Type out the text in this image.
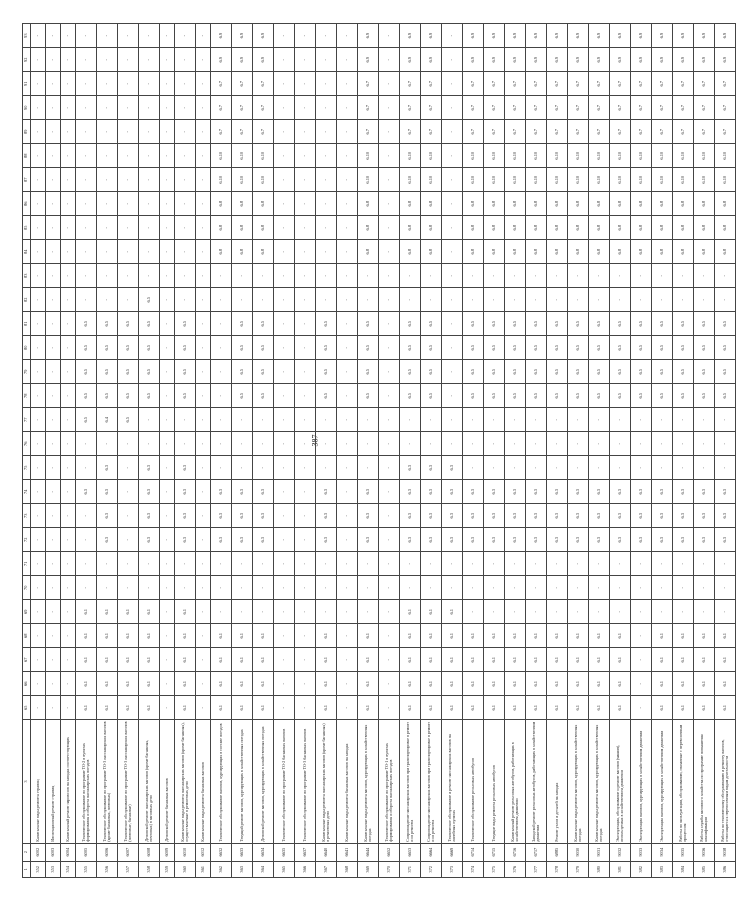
387
1	2	3	65	66	67	68	69	70	71	72	73	74	75	76	77	78	79	80	81	82	83	84	85	86	87	88	89	90	91	92	93
352	6002	Капитальные виды ремонта страниц	-	-	-	-	-	-	-	-	-	-	-	-	-	-	-	-	-	-	-	-	-	-	-	-	-	-	-	-	-
353	6003	Инспекционный ремонт страниц	-	-	-	-	-	-	-	-	-	-	-	-	-	-	-	-	-	-	-	-	-	-	-	-	-	-	-	-	-
354	6004	Капитальный ремонт паровозов на заводах соответствующих	-	-	-	-	-	-	-	-	-	-	-	-	-	-	-	-	-	-	-	-	-	-	-	-	-	-	-	-	-
355	6005	Техническое обслуживание по программе ТО-2 в пунктах формирования и оборота пассажирских поездов	6.1	6.1	6.1	6.1	6.1	-	-	-	-	6.3	-	-	6.5	6.5	6.5	6.5	6.5	-	-	-	-	-	-	-	-	-	-	-	-
356	6006	Техническое обслуживание по программе ТО-3 пассажирских вагонов (кроме багажных, почтовых)	6.1	6.1	6.1	6.1	6.1	-	-	6.3	6.3	6.3	6.3	-	6.4	6.5	6.5	6.5	6.5	-	-	-	-	-	-	-	-	-	-	-	-
357	6007	Техническое обслуживание по программе ТО-3 пассажирских вагонов (почтовые, багажные)	6.1	6.1	6.1	6.1	6.1	-	-	-	-	-	-	-	6.5	6.5	6.5	6.5	6.5	-	-	-	-	-	-	-	-	-	-	-	-
358	6008	Деповской ремонт пассажирских вагонов (кроме багажных, почтовых) в вагонных депо	6.1	6.1	6.1	6.1	6.1	-	-	6.3	6.3	6.3	6.3	-	-	6.5	6.5	6.5	6.5	6.5	-	-	-	-	-	-	-	-	-	-	-
359	6009	Деповской ремонт багажных вагонов	-	-	-	-	-	-	-	-	-	-	-	-	-	-	-	-	-	-	-	-	-	-	-	-	-	-	-	-	-
360	6010	Капитальные виды ремонта пассажирских вагонов (кроме багажных), осуществляемые в ремонтных депо	6.1	6.1	6.1	6.1	6.1	-	-	6.3	6.3	6.3	6.3	-	-	6.5	6.5	6.5	6.5	-	-	-	-	-	-	-	-	-	-	-	-
361	6012	Капитальные виды ремонта багажных вагонов	-	-	-	-	-	-	-	-	-	-	-	-	-	-	-	-	-	-	-	-	-	-	-	-	-	-	-	-	-
362	6632	Техническое обслуживание вагонов, курсирующих в составе поездов	6.1	6.1	6.1	6.1	-	-	-	6.3	6.3	6.3	-	-	-	-	-	-	-	-	-	6.8	6.8	6.8	6.10	6.10	6.7	6.7	6.7	6.9	6.9
363	6633	Текущий ремонт вагонов, курсирующих в хозяйственных поездах	6.1	6.1	6.1	6.1	-	-	-	6.3	6.3	6.3	-	-	-	6.5	6.5	6.5	6.5	-	-	6.8	6.8	6.8	6.10	6.10	6.7	6.7	6.7	6.9	6.9
364	6634	Деповской ремонт вагонов, курсирующих в хозяйственных поездах	6.1	6.1	6.1	6.1	-	-	-	6.3	6.3	6.3	-	-	-	6.5	6.5	6.5	6.5	-	-	6.8	6.8	6.8	6.10	6.10	6.7	6.7	6.7	6.9	6.9
365	6635	Техническое обслуживание по программе ТО-2 багажных вагонов	-	-	-	-	-	-	-	-	-	-	-	-	-	-	-	-	-	-	-	-	-	-	-	-	-	-	-	-	-
366	6637	Техническое обслуживание по программе ТО-3 багажных вагонов	-	-	-	-	-	-	-	-	-	-	-	-	-	-	-	-	-	-	-	-	-	-	-	-	-	-	-	-	-
367	6640	Капитальные виды ремонта пассажирских вагонов (кроме багажных) в ремонтных депо	6.1	6.1	6.1	6.1	-	-	-	6.3	6.3	6.3	-	-	-	6.5	6.5	6.5	6.5	-	-	-	-	-	-	-	-	-	-	-	-
368	6641	Капитальные виды ремонта багажных вагонов на заводах	-	-	-	-	-	-	-	-	-	-	-	-	-	-	-	-	-	-	-	-	-	-	-	-	-	-	-	-	-
369	6644	Капитальные виды ремонта вагонов, курсирующих в хозяйственных поездах	6.1	6.1	6.1	6.1	-	-	-	6.3	6.3	6.3	-	-	-	6.5	6.5	6.5	6.5	-	-	6.8	6.8	6.8	6.10	6.10	6.7	6.7	6.7	6.9	6.9
370	6652	Техническое обслуживание по программе ТО-1 в пунктах формирования и оборота пассажирских поездов	-	-	-	-	-	-	-	-	-	-	-	-	-	-	-	-	-	-	-	-	-	-	-	-	-	-	-	-	-
371	6653	Сопровождение пассажирских вагонов при транспортировке в ремонт и из ремонта	6.1	6.1	6.1	6.1	6.1	-	-	6.3	6.3	6.3	6.3	-	-	6.5	6.5	6.5	6.5	-	-	6.8	6.8	6.8	6.10	6.10	6.7	6.7	6.7	6.9	6.9
372	6664	Сопровождение пассажирских вагонов при транспортировке в ремонт и из ремонта	6.1	6.1	6.1	6.1	6.1	-	-	6.3	6.3	6.3	6.3	-	-	6.5	6.5	6.5	6.5	-	-	6.8	6.8	6.8	6.10	6.10	6.7	6.7	6.7	6.9	6.9
373	6669	Техническое обслуживание и ремонт пассажирских вагонов на линейных пунктах	6.1	6.1	6.1	6.1	6.1	-	-	6.3	6.3	6.3	6.3	-	-	-	-	-	-	-	-	-	-	-	-	-	-	-	-	-	-
374	6714	Техническое обслуживание рельсовых автобусов	6.1	6.1	6.1	6.1	-	-	-	6.3	6.3	6.3	-	-	-	6.5	6.5	6.5	6.5	-	-	6.8	6.8	6.8	6.10	6.10	6.7	6.7	6.7	6.9	6.9
375	6715	Текущие виды ремонта рельсовых автобусов	6.1	6.1	6.1	6.1	-	-	-	6.3	6.3	6.3	-	-	-	6.5	6.5	6.5	6.5	-	-	6.8	6.8	6.8	6.10	6.10	6.7	6.7	6.7	6.9	6.9
376	6716	Капитальный ремонт рельсовых автобусов, работающих в хозяйственном движении	6.1	6.1	6.1	6.1	-	-	-	6.3	6.3	6.3	-	-	-	6.5	6.5	6.5	6.5	-	-	6.8	6.8	6.8	6.10	6.10	6.7	6.7	6.7	6.9	6.9
377	6717	Заводской ремонт рельсовых автобусов, работающих в хозяйственном движении	6.1	6.1	6.1	6.1	-	-	-	6.3	6.3	6.3	-	-	-	6.5	6.5	6.5	6.5	-	-	6.8	6.8	6.8	6.10	6.10	6.7	6.7	6.7	6.9	6.9
378	6885	Ремонт узлов и деталей на заводах	6.1	6.1	6.1	6.1	-	-	-	6.3	6.3	6.3	-	-	-	6.5	6.5	6.5	6.5	-	-	6.8	6.8	6.8	6.10	6.10	6.7	6.7	6.7	6.9	6.9
379	9030	Капитальные виды ремонта вагонов, курсирующих в хозяйственных поездах	6.1	6.1	6.1	6.1	-	-	-	6.3	6.3	6.3	-	-	-	6.5	6.5	6.5	6.5	-	-	6.8	6.8	6.8	6.10	6.10	6.7	6.7	6.7	6.9	6.9
380	9031	Капитальные виды ремонта вагонов, курсирующих в хозяйственных поездах	6.1	6.1	6.1	6.1	-	-	-	6.3	6.3	6.3	-	-	-	6.5	6.5	6.5	6.5	-	-	6.8	6.8	6.8	6.10	6.10	6.7	6.7	6.7	6.9	6.9
381	9032	Эксплуатация, обслуживание и ремонт вагонов (машин), используемых в хозяйственном движении	6.1	6.1	6.1	6.1	-	-	-	6.3	6.3	6.3	-	-	-	6.5	6.5	6.5	6.5	-	-	6.8	6.8	6.8	6.10	6.10	6.7	6.7	6.7	6.9	6.9
382	9033	Эксплуатация вагонов, курсирующих в хозяйственном движении	-	-	-	-	-	-	-	6.3	6.3	6.3	-	-	-	6.5	6.5	6.5	6.5	-	-	6.8	6.8	6.8	6.10	6.10	6.7	6.7	6.7	6.9	6.9
383	9034	Эксплуатация вагонов, курсирующих в хозяйственном движении	6.1	6.1	6.1	6.1	-	-	-	6.3	6.3	6.3	-	-	-	6.5	6.5	6.5	6.5	-	-	6.8	6.8	6.8	6.10	6.10	6.7	6.7	6.7	6.9	6.9
384	9035	Работы по эксплуатации, обслуживанию, связанные с перевозочным процессом	6.1	6.1	6.1	6.1	-	-	-	6.3	6.3	6.3	-	-	-	6.5	6.5	6.5	6.5	-	-	6.8	6.8	6.8	6.10	6.10	6.7	6.7	6.7	6.9	6.9
385	9036	Работы службы вагонного хозяйства по программе повышения квалификации	6.1	6.1	6.1	6.1	-	-	-	6.3	6.3	6.3	-	-	-	6.5	6.5	6.5	6.5	-	-	6.8	6.8	6.8	6.10	6.10	6.7	6.7	6.7	6.9	6.9
386	9038	Работы по техническому обслуживанию и ремонту вагонов, относящиеся к перевозочным видам деятельности	6.1	6.1	6.1	6.1	-	-	-	6.3	6.3	6.3	-	-	-	6.5	6.5	6.5	6.5	-	-	6.8	6.8	6.8	6.10	6.10	6.7	6.7	6.7	6.9	6.9
